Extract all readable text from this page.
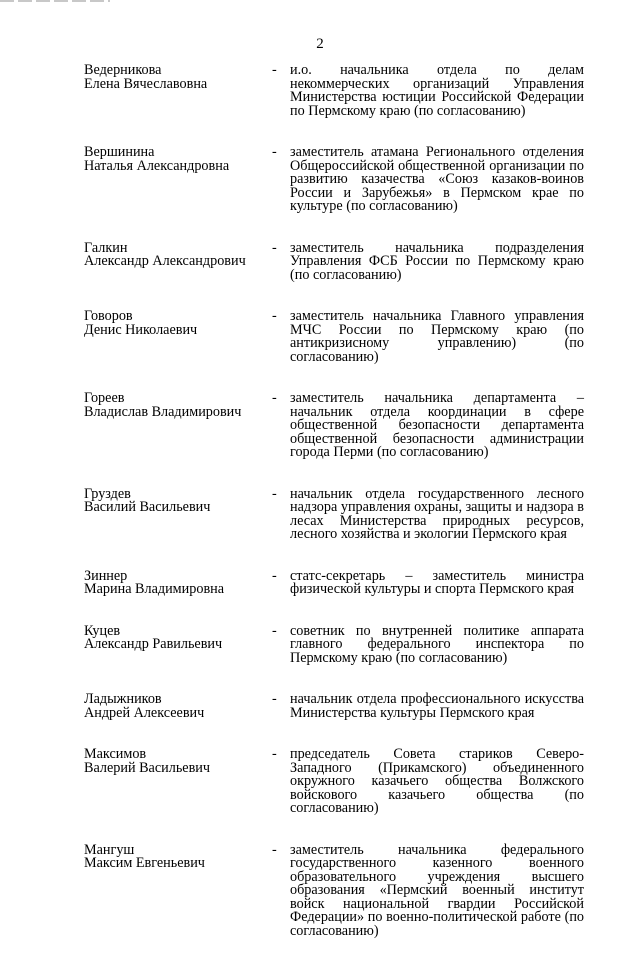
2
Ведерникова
Елена Вячеславовна
- и.о. начальника отдела по делам некоммерческих организаций Управления Министерства юстиции Российской Федерации по Пермскому краю (по согласованию)
Вершинина
Наталья Александровна
- заместитель атамана Регионального отделения Общероссийской общественной организации по развитию казачества «Союз казаков-воинов России и Зарубежья» в Пермском крае по культуре (по согласованию)
Галкин
Александр Александрович
- заместитель начальника подразделения Управления ФСБ России по Пермскому краю (по согласованию)
Говоров
Денис Николаевич
- заместитель начальника Главного управления МЧС России по Пермскому краю (по антикризисному управлению) (по согласованию)
Гореев
Владислав Владимирович
- заместитель начальника департамента – начальник отдела координации в сфере общественной безопасности департамента общественной безопасности администрации города Перми (по согласованию)
Груздев
Василий Васильевич
- начальник отдела государственного лесного надзора управления охраны, защиты и надзора в лесах Министерства природных ресурсов, лесного хозяйства и экологии Пермского края
Зиннер
Марина Владимировна
- статс-секретарь – заместитель министра физической культуры и спорта Пермского края
Куцев
Александр Равильевич
- советник по внутренней политике аппарата главного федерального инспектора по Пермскому краю (по согласованию)
Ладыжников
Андрей Алексеевич
- начальник отдела профессионального искусства Министерства культуры Пермского края
Максимов
Валерий Васильевич
- председатель Совета стариков Северо-Западного (Прикамского) объединенного окружного казачьего общества Волжского войскового казачьего общества (по согласованию)
Мангуш
Максим Евгеньевич
- заместитель начальника федерального государственного казенного военного образовательного учреждения высшего образования «Пермский военный институт войск национальной гвардии Российской Федерации» по военно-политической работе (по согласованию)
